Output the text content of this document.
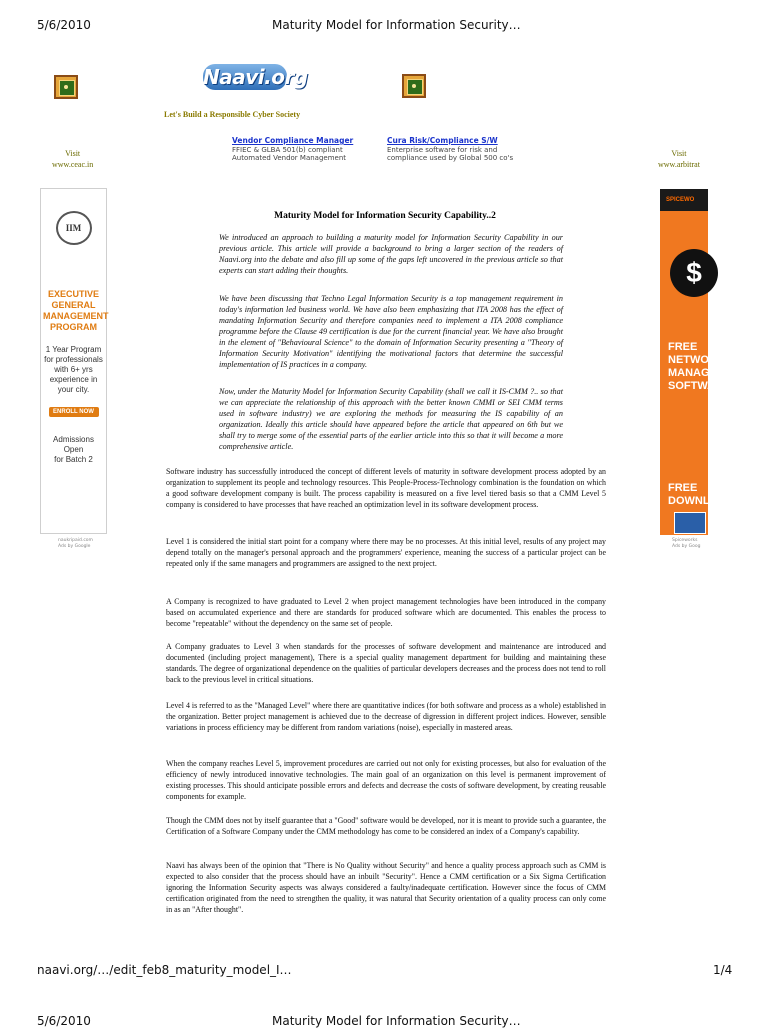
5/6/2010	Maturity Model for Information Security…
Naavi.org
Let's Build a Responsible Cyber Society
Visit
www.ceac.in
Visit
www.arbitrat
Vendor Compliance Manager
FFIEC & GLBA 501(b) compliant
Automated Vendor Management
Cura Risk/Compliance S/W
Enterprise software for risk and
compliance used by Global 500 co's
IIM
EXECUTIVE
GENERAL
MANAGEMENT
PROGRAM
1 Year Program
for professionals
with 6+ yrs
experience in
your city.
ENROLL NOW
Admissions Open
for Batch 2
naukripaid.com
Ads by Google
SPICEWO
$
FREE
NETWO
MANAGEM
SOFTWA
FREE
DOWNLO
Spiceworks
Ads by Goog
Maturity Model for Information Security Capability..2

We introduced an approach to building a maturity model for Information Security Capability in our previous article. This article will provide a background to bring a larger section of the readers of Naavi.org into the debate and also fill up some of the gaps left uncovered in the previous article so that experts can start adding their thoughts.

We have been discussing that Techno Legal Information Security is a top management requirement in today's information led business world. We have also been emphasizing that ITA 2008 has the effect of mandating Information Security and therefore companies need to implement a ITA 2008 compliance programme before the Clause 49 certification is due for the current financial year. We have also brought in the element of "Behavioural Science" to the domain of Information Security presenting a "Theory of Information Security Motivation" identifying the motivational factors that determine the successful implementation of IS practices in a company.

Now, under the Maturity Model for Information Security Capability (shall we call it IS-CMM ?.. so that we can appreciate the relationship of this approach with the better known CMMI or SEI CMM terms used in software industry) we are exploring the methods for measuring the IS capability of an organization. Ideally this article should have appeared before the article that appeared on 6th but we shall try to merge some of the essential parts of the earlier article into this so that it will become a more comprehensive article.

Software industry has successfully introduced the concept of different levels of maturity in software development process adopted by an organization to supplement its people and technology resources. This People-Process-Technology combination is the foundation on which a good software development company is built. The process capability is measured on a five level tiered basis so that a CMM Level 5 company is considered to have processes that have reached an optimization level in its software development process.

Level 1 is considered the initial start point for a company where there may be no processes. At this initial level, results of any project may depend totally on the manager's personal approach and the programmers' experience, meaning the success of a particular project can be repeated only if the same managers and programmers are assigned to the next project.

A Company is recognized to have graduated to Level 2 when project management technologies have been introduced in the company based on accumulated experience and there are standards for produced software which are documented. This enables the process to become "repeatable" without the dependency on the same set of people.

A Company graduates to Level 3 when standards for the processes of software development and maintenance are introduced and documented (including project management), There is a special quality management department for building and maintaining these standards. The degree of organizational dependence on the qualities of particular developers decreases and the process does not tend to roll back to the previous level in critical situations.

Level 4 is referred to as the "Managed Level" where there are quantitative indices (for both software and process as a whole) established in the organization. Better project management is achieved due to the decrease of digression in different project indices. However, sensible variations in process efficiency may be different from random variations (noise), especially in mastered areas.

When the company reaches Level 5, improvement procedures are carried out not only for existing processes, but also for evaluation of the efficiency of newly introduced innovative technologies. The main goal of an organization on this level is permanent improvement of existing processes. This should anticipate possible errors and defects and decrease the costs of software development, by creating reusable components for example.

Though the CMM does not by itself guarantee that a "Good" software would be developed, nor it is meant to provide such a guarantee, the Certification of a Software Company under the CMM methodology has come to be considered an index of a Company's capability.

Naavi has always been of the opinion that "There is No Quality without Security" and hence a quality process approach such as CMM is expected to also consider that the process should have an inbuilt "Security". Hence a CMM certification or a Six Sigma Certification ignoring the Information Security aspects was always considered a faulty/inadequate certification. However since the focus of CMM certification originated from the need to strengthen the quality, it was natural that Security orientation of a quality process can only come in as an "After thought".

naavi.org/…/edit_feb8_maturity_model_I…	1/4
5/6/2010	Maturity Model for Information Security…
